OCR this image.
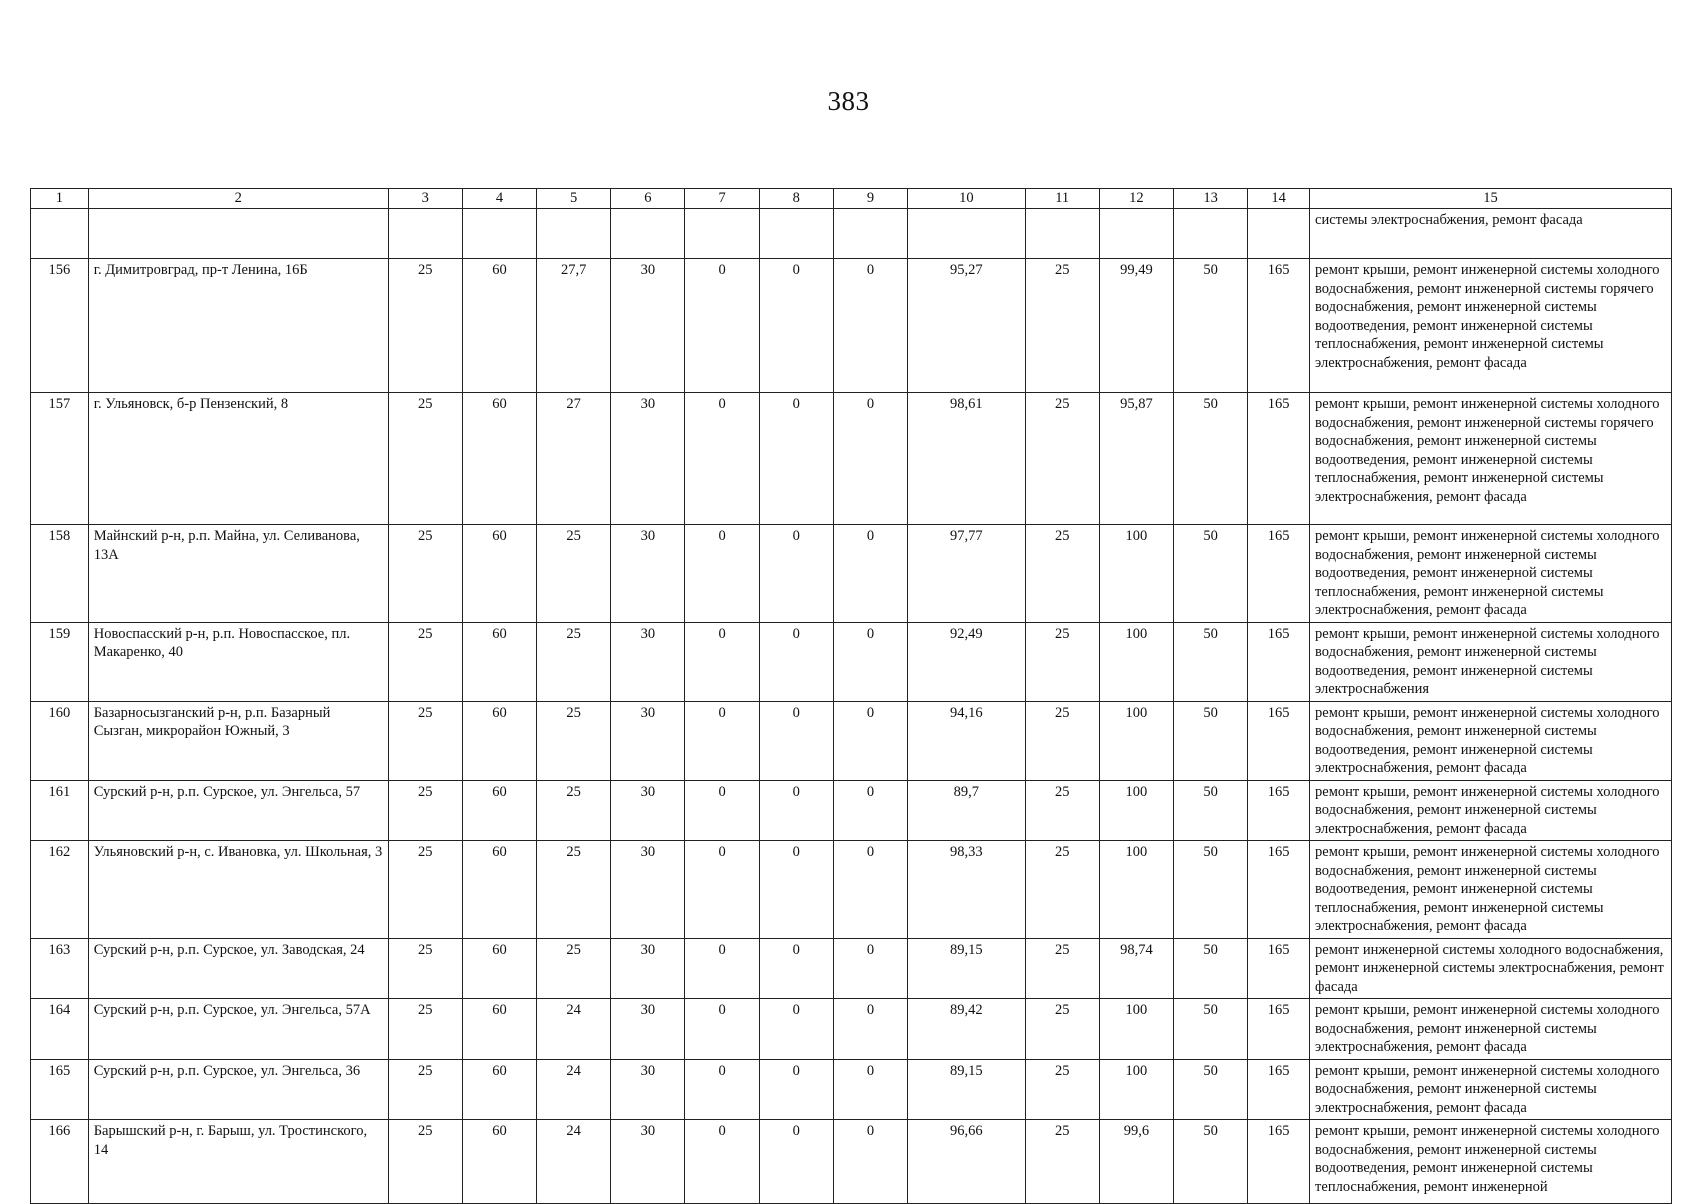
383
1	2	3	4	5	6	7	8	9	10	11	12	13	14	15
														системы электроснабжения, ремонт фасада
156	г. Димитровград, пр-т Ленина, 16Б	25	60	27,7	30	0	0	0	95,27	25	99,49	50	165	ремонт крыши, ремонт инженерной системы холодного водоснабжения, ремонт инженерной системы горячего водоснабжения, ремонт инженерной системы водоотведения, ремонт инженерной системы теплоснабжения, ремонт инженерной системы электроснабжения, ремонт фасада
157	г. Ульяновск, б-р Пензенский, 8	25	60	27	30	0	0	0	98,61	25	95,87	50	165	ремонт крыши, ремонт инженерной системы холодного водоснабжения, ремонт инженерной системы горячего водоснабжения, ремонт инженерной системы водоотведения, ремонт инженерной системы теплоснабжения, ремонт инженерной системы электроснабжения, ремонт фасада
158	Майнский р-н, р.п. Майна, ул. Селиванова, 13А	25	60	25	30	0	0	0	97,77	25	100	50	165	ремонт крыши, ремонт инженерной системы холодного водоснабжения, ремонт инженерной системы водоотведения, ремонт инженерной системы теплоснабжения, ремонт инженерной системы электроснабжения, ремонт фасада
159	Новоспасский р-н, р.п. Новоспасское, пл. Макаренко, 40	25	60	25	30	0	0	0	92,49	25	100	50	165	ремонт крыши, ремонт инженерной системы холодного водоснабжения, ремонт инженерной системы водоотведения, ремонт инженерной системы электроснабжения
160	Базарносызганский р-н, р.п. Базарный Сызган, микрорайон Южный, 3	25	60	25	30	0	0	0	94,16	25	100	50	165	ремонт крыши, ремонт инженерной системы холодного водоснабжения, ремонт инженерной системы водоотведения, ремонт инженерной системы электроснабжения, ремонт фасада
161	Сурский р-н, р.п. Сурское, ул. Энгельса, 57	25	60	25	30	0	0	0	89,7	25	100	50	165	ремонт крыши, ремонт инженерной системы холодного водоснабжения, ремонт инженерной системы электроснабжения, ремонт фасада
162	Ульяновский р-н, с. Ивановка, ул. Школьная, 3	25	60	25	30	0	0	0	98,33	25	100	50	165	ремонт крыши, ремонт инженерной системы холодного водоснабжения, ремонт инженерной системы водоотведения, ремонт инженерной системы теплоснабжения, ремонт инженерной системы электроснабжения, ремонт фасада
163	Сурский р-н, р.п. Сурское, ул. Заводская, 24	25	60	25	30	0	0	0	89,15	25	98,74	50	165	ремонт инженерной системы холодного водоснабжения, ремонт инженерной системы электроснабжения, ремонт фасада
164	Сурский р-н, р.п. Сурское, ул. Энгельса, 57А	25	60	24	30	0	0	0	89,42	25	100	50	165	ремонт крыши, ремонт инженерной системы холодного водоснабжения, ремонт инженерной системы электроснабжения, ремонт фасада
165	Сурский р-н, р.п. Сурское, ул. Энгельса, 36	25	60	24	30	0	0	0	89,15	25	100	50	165	ремонт крыши, ремонт инженерной системы холодного водоснабжения, ремонт инженерной системы электроснабжения, ремонт фасада
166	Барышский р-н, г. Барыш, ул. Тростинского, 14	25	60	24	30	0	0	0	96,66	25	99,6	50	165	ремонт крыши, ремонт инженерной системы холодного водоснабжения, ремонт инженерной системы водоотведения, ремонт инженерной системы теплоснабжения, ремонт инженерной
